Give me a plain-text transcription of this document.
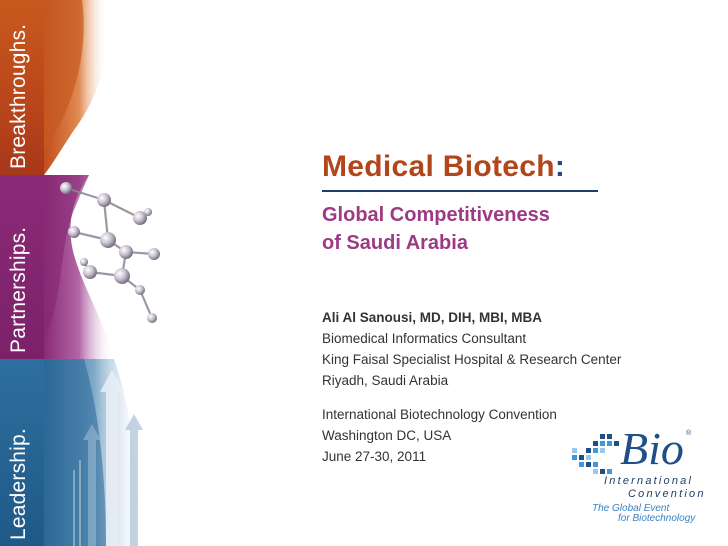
Breakthroughs.
Partnerships.
Leadership.
Medical Biotech:
Global Competitiveness
of Saudi Arabia
Ali Al Sanousi, MD, DIH, MBI, MBA
Biomedical Informatics Consultant
King Faisal Specialist Hospital & Research Center
Riyadh, Saudi Arabia
International Biotechnology Convention
Washington DC, USA
June 27-30, 2011	Bio ®
International
Convention
The Global Event
for Biotechnology
